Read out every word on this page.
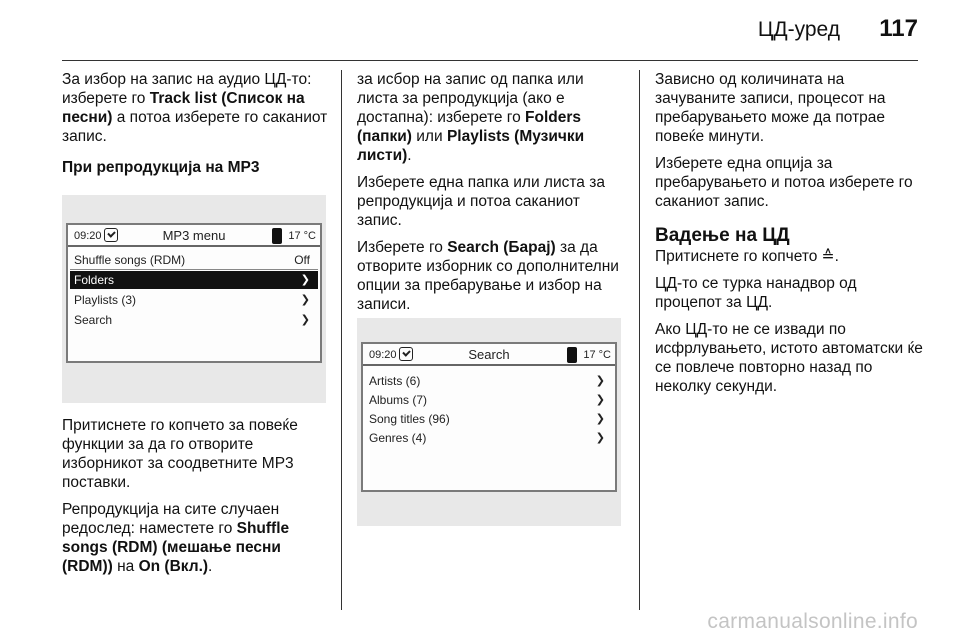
ЦД-уред 117

За избор на запис на аудио ЦД-то: изберете го Track list (Список на песни) а потоа изберете го саканиот запис.

При репродукција на MP3

09:20	MP3 menu	17 °C
Shuffle songs (RDM)	Off
Folders	❯
Playlists (3)	❯
Search	❯

Притиснете го копчето за повеќе функции за да го отворите изборникот за соодветните MP3 поставки.

Репродукција на сите случаен редослед: наместете го Shuffle songs (RDM) (мешање песни (RDM)) на On (Вкл.).

за исбор на запис од папка или листа за репродукција (ако е достапна): изберете го Folders (папки) или Playlists (Музички листи).

Изберете една папка или листа за репродукција и потоа саканиот запис.

Изберете го Search (Барај) за да отворите изборник со дополнителни опции за пребарување и избор на записи.

09:20	Search	17 °C
Artists (6)	❯
Albums (7)	❯
Song titles (96)	❯
Genres (4)	❯

Зависно од количината на зачуваните записи, процесот на пребарувањето може да потрае повеќе минути.

Изберете една опција за пребарувањето и потоа изберете го саканиот запис.

Вадење на ЦД

Притиснете го копчето ≙.

ЦД-то се турка нанадвор од процепот за ЦД.

Ако ЦД-то не се извади по исфрлувањето, истото автоматски ќе се повлече повторно назад по неколку секунди.

carmanualsonline.info
